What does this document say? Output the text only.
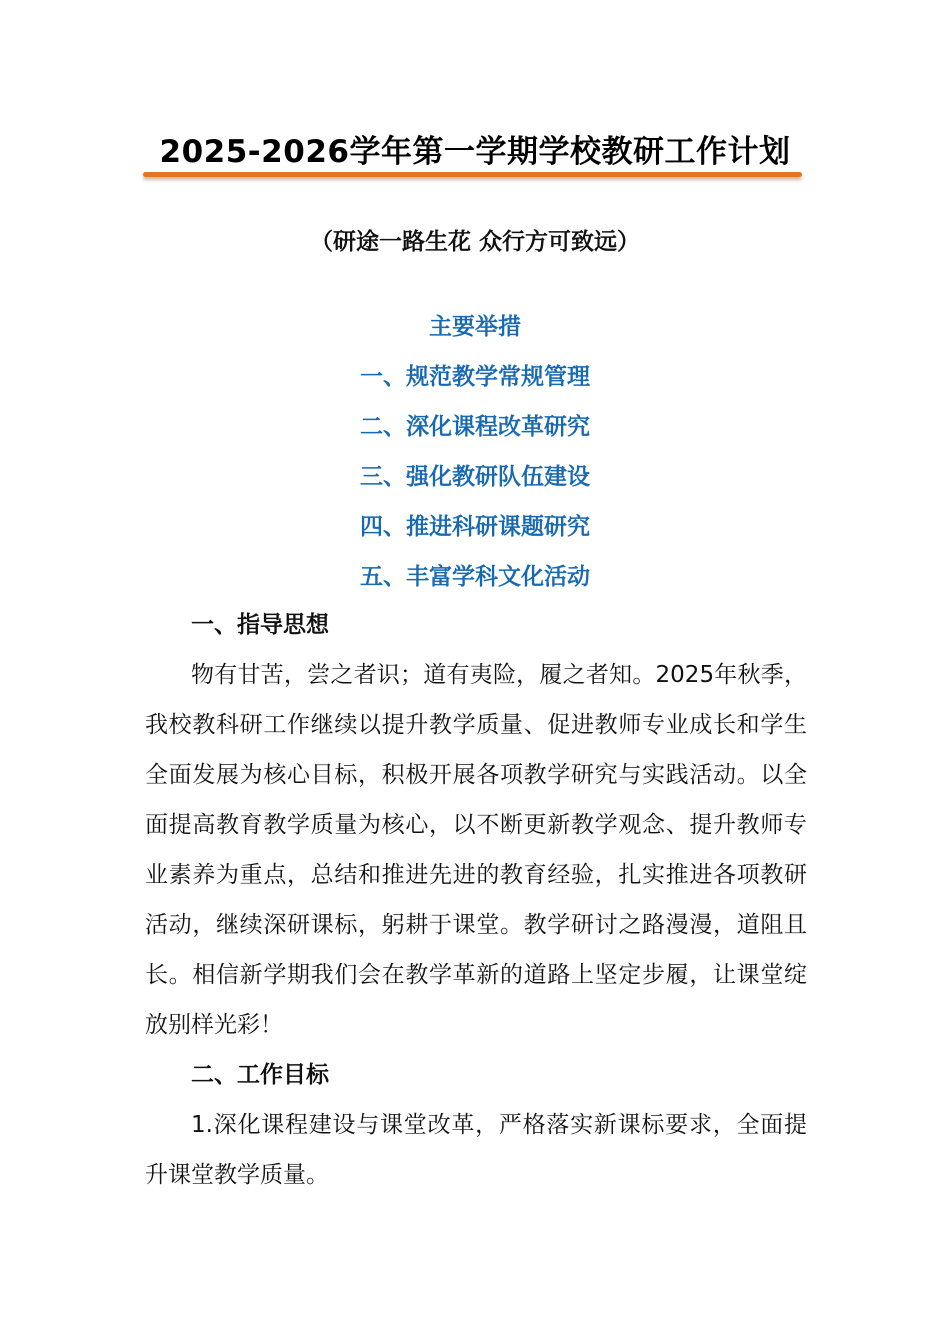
2025-2026学年第一学期学校教研工作计划
（研途一路生花 众行方可致远）
主要举措
一、规范教学常规管理
二、深化课程改革研究
三、强化教研队伍建设
四、推进科研课题研究
五、丰富学科文化活动
一、指导思想

物有甘苦，尝之者识；道有夷险，履之者知。2025年秋季，我校教科研工作继续以提升教学质量、促进教师专业成长和学生全面发展为核心目标，积极开展各项教学研究与实践活动。以全面提高教育教学质量为核心，以不断更新教学观念、提升教师专业素养为重点，总结和推进先进的教育经验，扎实推进各项教研活动，继续深研课标，躬耕于课堂。教学研讨之路漫漫，道阻且长。相信新学期我们会在教学革新的道路上坚定步履，让课堂绽放别样光彩！

二、工作目标

1.深化课程建设与课堂改革，严格落实新课标要求，全面提升课堂教学质量。
